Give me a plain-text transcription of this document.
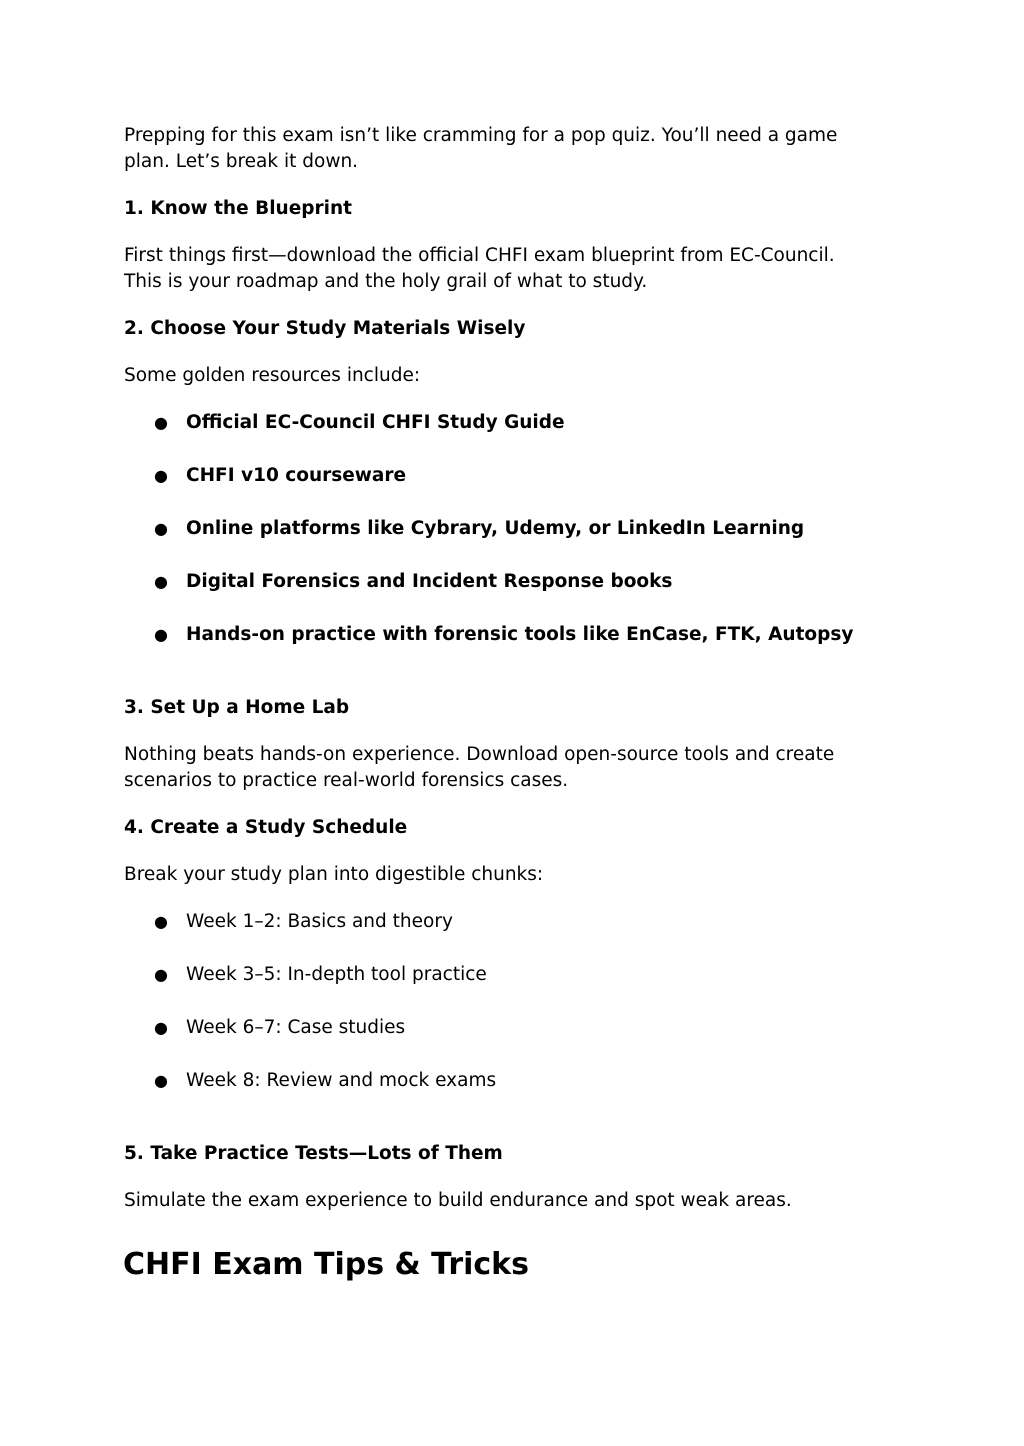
Prepping for this exam isn’t like cramming for a pop quiz. You’ll need a game

plan. Let’s break it down.

1. Know the Blueprint

First things first—download the official CHFI exam blueprint from EC-Council.

This is your roadmap and the holy grail of what to study.

2. Choose Your Study Materials Wisely

Some golden resources include:

● Official EC-Council CHFI Study Guide
● CHFI v10 courseware
● Online platforms like Cybrary, Udemy, or LinkedIn Learning
● Digital Forensics and Incident Response books
● Hands-on practice with forensic tools like EnCase, FTK, Autopsy

3. Set Up a Home Lab

Nothing beats hands-on experience. Download open-source tools and create

scenarios to practice real-world forensics cases.

4. Create a Study Schedule

Break your study plan into digestible chunks:

● Week 1–2: Basics and theory
● Week 3–5: In-depth tool practice
● Week 6–7: Case studies
● Week 8: Review and mock exams

5. Take Practice Tests—Lots of Them

Simulate the exam experience to build endurance and spot weak areas.

CHFI Exam Tips & Tricks
